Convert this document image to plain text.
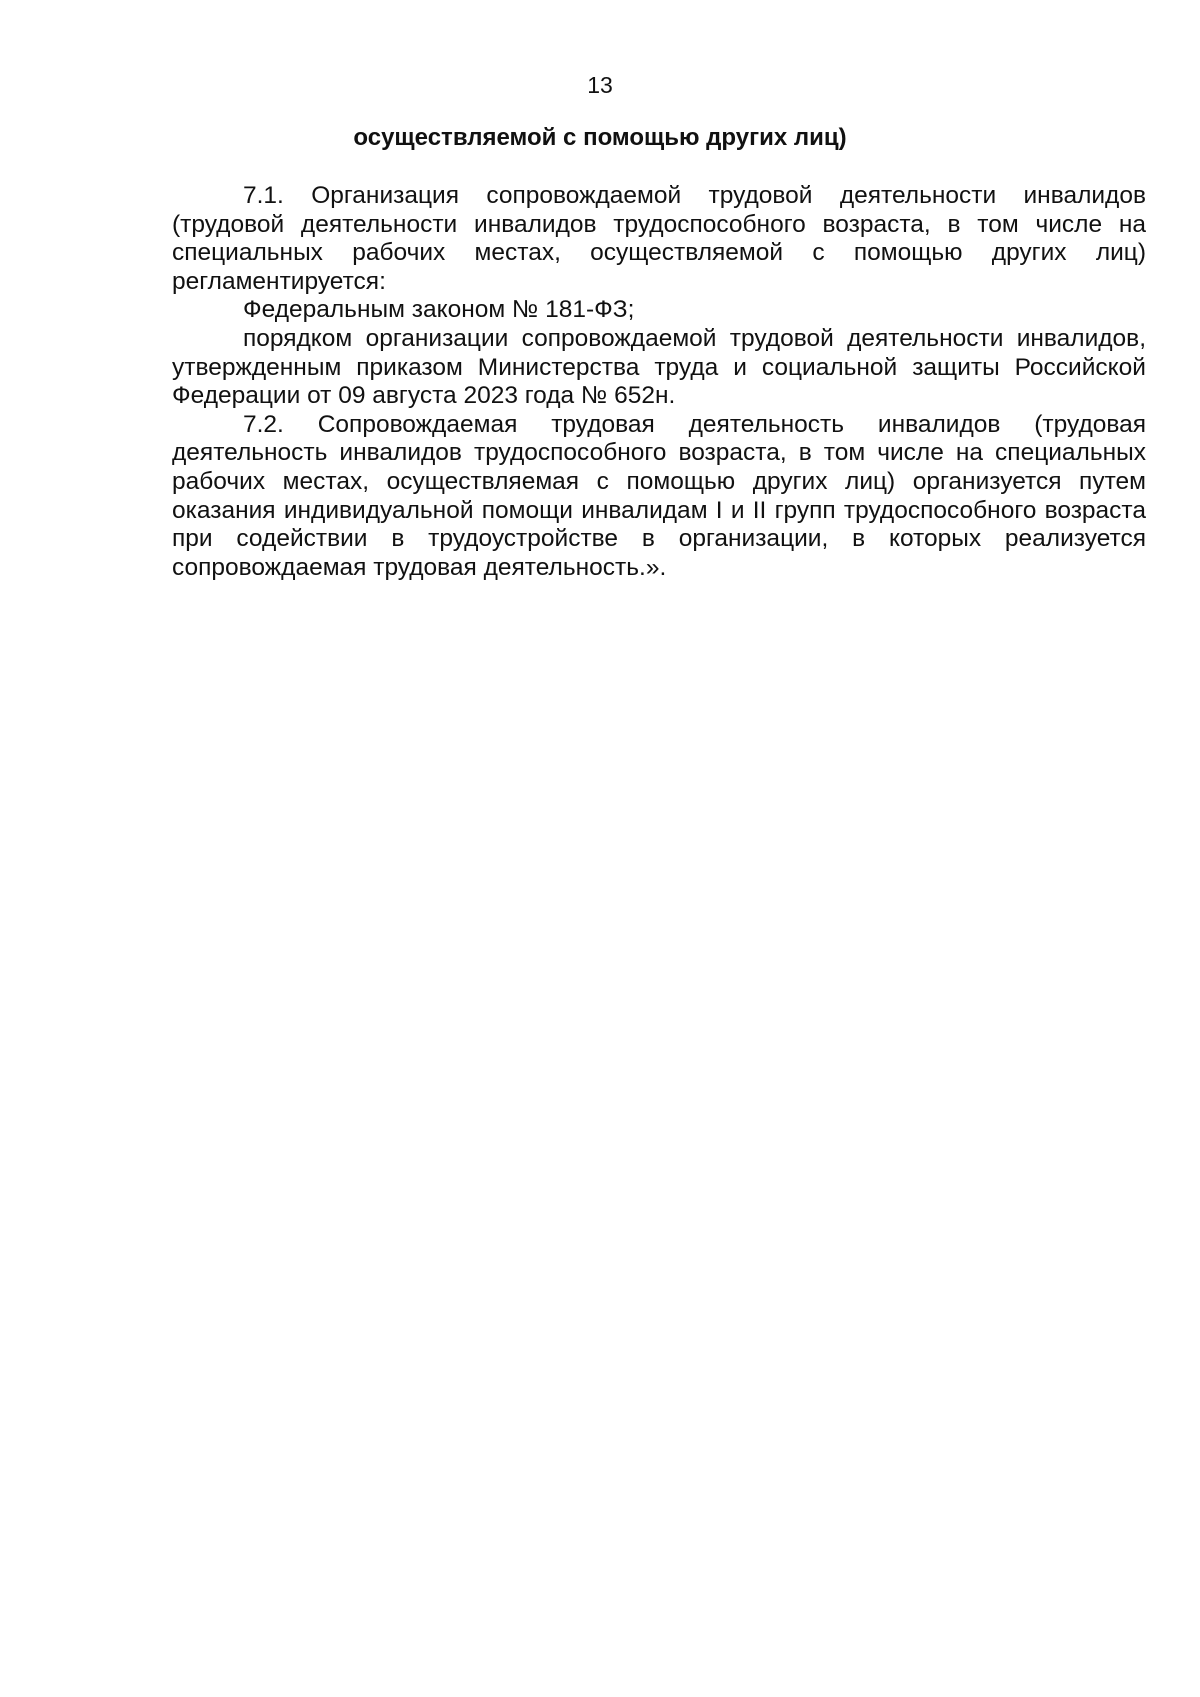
13
осуществляемой с помощью других лиц)

7.1. Организация сопровождаемой трудовой деятельности инвалидов (трудовой деятельности инвалидов трудоспособного возраста, в том числе на специальных рабочих местах, осуществляемой с помощью других лиц) регламентируется:

Федеральным законом № 181-ФЗ;

порядком организации сопровождаемой трудовой деятельности инвалидов, утвержденным приказом Министерства труда и социальной защиты Российской Федерации от 09 августа 2023 года № 652н.

7.2. Сопровождаемая трудовая деятельность инвалидов (трудовая деятельность инвалидов трудоспособного возраста, в том числе на специальных рабочих местах, осуществляемая с помощью других лиц) организуется путем оказания индивидуальной помощи инвалидам I и II групп трудоспособного возраста при содействии в трудоустройстве в организации, в которых реализуется сопровождаемая трудовая деятельность.».
